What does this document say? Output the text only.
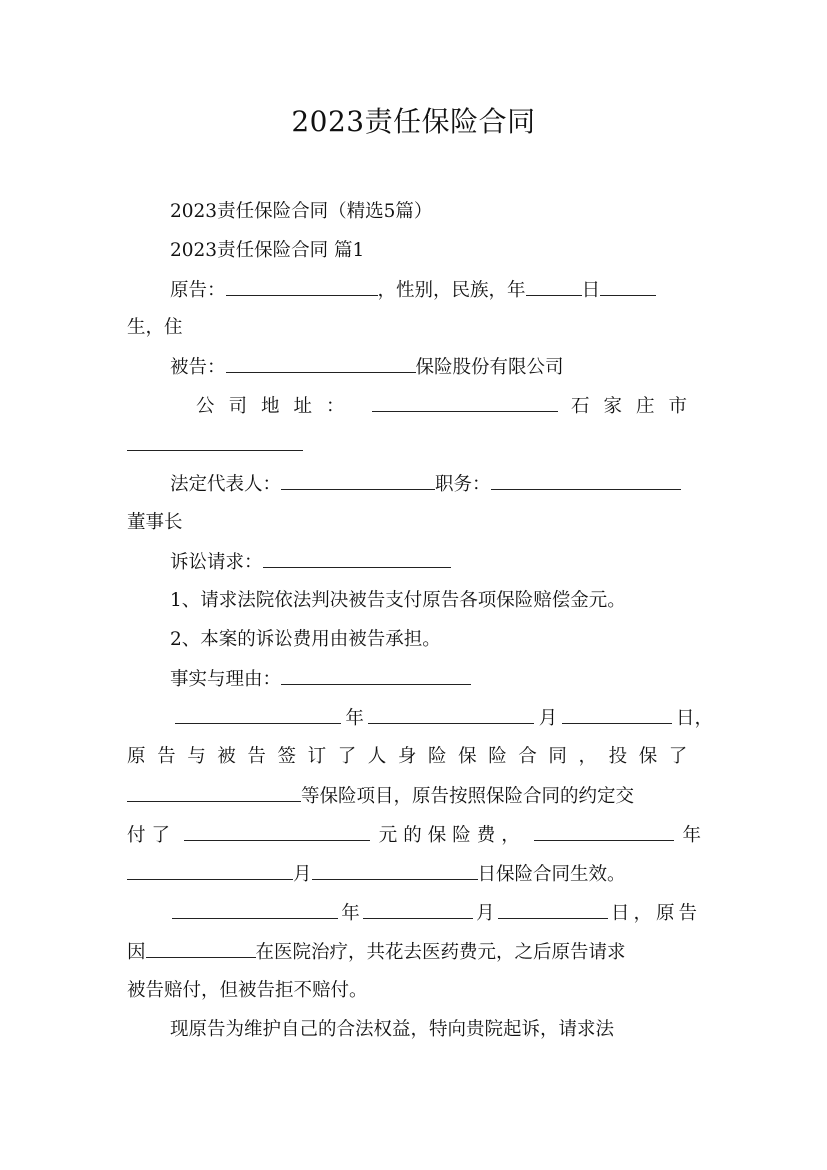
2023责任保险合同
2023责任保险合同（精选5篇）
2023责任保险合同 篇1
原告：	，性别，民族，年	日
生，住
被告：	保险股份有限公司
公司地址：	石家庄市
法定代表人：	职务：
董事长
诉讼请求：
1、请求法院依法判决被告支付原告各项保险赔偿金元。
2、本案的诉讼费用由被告承担。
事实与理由：
年	月	日，
原告与被告签订了人身险保险合同，投保了
等保险项目，原告按照保险合同的约定交
付了	元的保险费，	年
月	日保险合同生效。
年	月	日，原告
因	在医院治疗，共花去医药费元，之后原告请求
被告赔付，但被告拒不赔付。
现原告为维护自己的合法权益，特向贵院起诉，请求法
